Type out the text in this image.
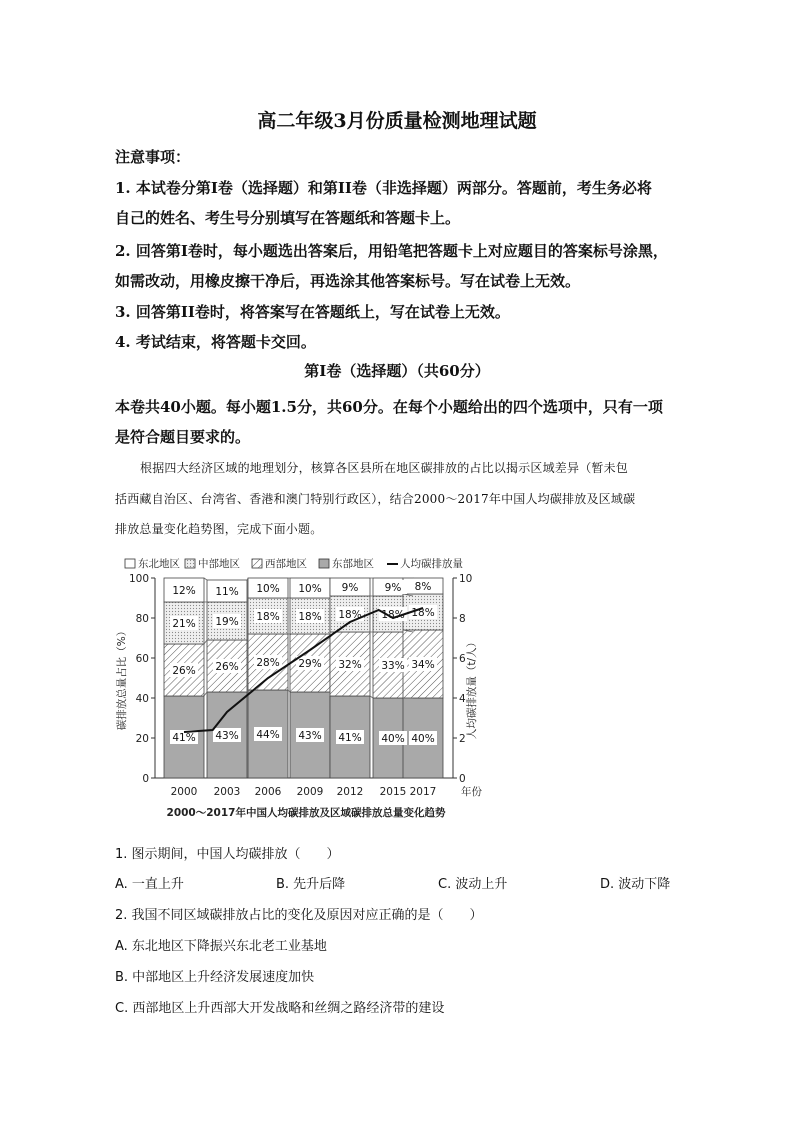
高二年级3月份质量检测地理试题
注意事项：
1. 本试卷分第I卷（选择题）和第II卷（非选择题）两部分。答题前，考生务必将
自己的姓名、考生号分别填写在答题纸和答题卡上。
2. 回答第I卷时，每小题选出答案后，用铅笔把答题卡上对应题目的答案标号涂黑，
如需改动，用橡皮擦干净后，再选涂其他答案标号。写在试卷上无效。
3. 回答第II卷时，将答案写在答题纸上，写在试卷上无效。
4. 考试结束，将答题卡交回。
第I卷（选择题）（共60分）
本卷共40小题。每小题1.5分，共60分。在每个小题给出的四个选项中，只有一项
是符合题目要求的。
根据四大经济区域的地理划分，核算各区县所在地区碳排放的占比以揭示区域差异（暂未包
括西藏自治区、台湾省、香港和澳门特别行政区），结合2000～2017年中国人均碳排放及区域碳
排放总量变化趋势图，完成下面小题。
东北地区 中部地区 西部地区 东部地区 人均碳排放量
0
20
40
60
80
100
0
2
4
6
8
10
2000 2003 2006 2009 2012 2015 2017 年份
碳排放总量占比（%）	人均碳排放量（t/人）
41%
26%
21%
12%
43%
26%
19%
11%
44%
28%
18%
10%
43%
29%
18%
10%
41%
32%
18%
9%
40%
33%
18%
9%
40%
34%
18%
8%
2000～2017年中国人均碳排放及区域碳排放总量变化趋势
1. 图示期间，中国人均碳排放（　　）
A. 一直上升	B. 先升后降	C. 波动上升	D. 波动下降
2. 我国不同区域碳排放占比的变化及原因对应正确的是（　　）
A. 东北地区下降振兴东北老工业基地
B. 中部地区上升经济发展速度加快
C. 西部地区上升西部大开发战略和丝绸之路经济带的建设
